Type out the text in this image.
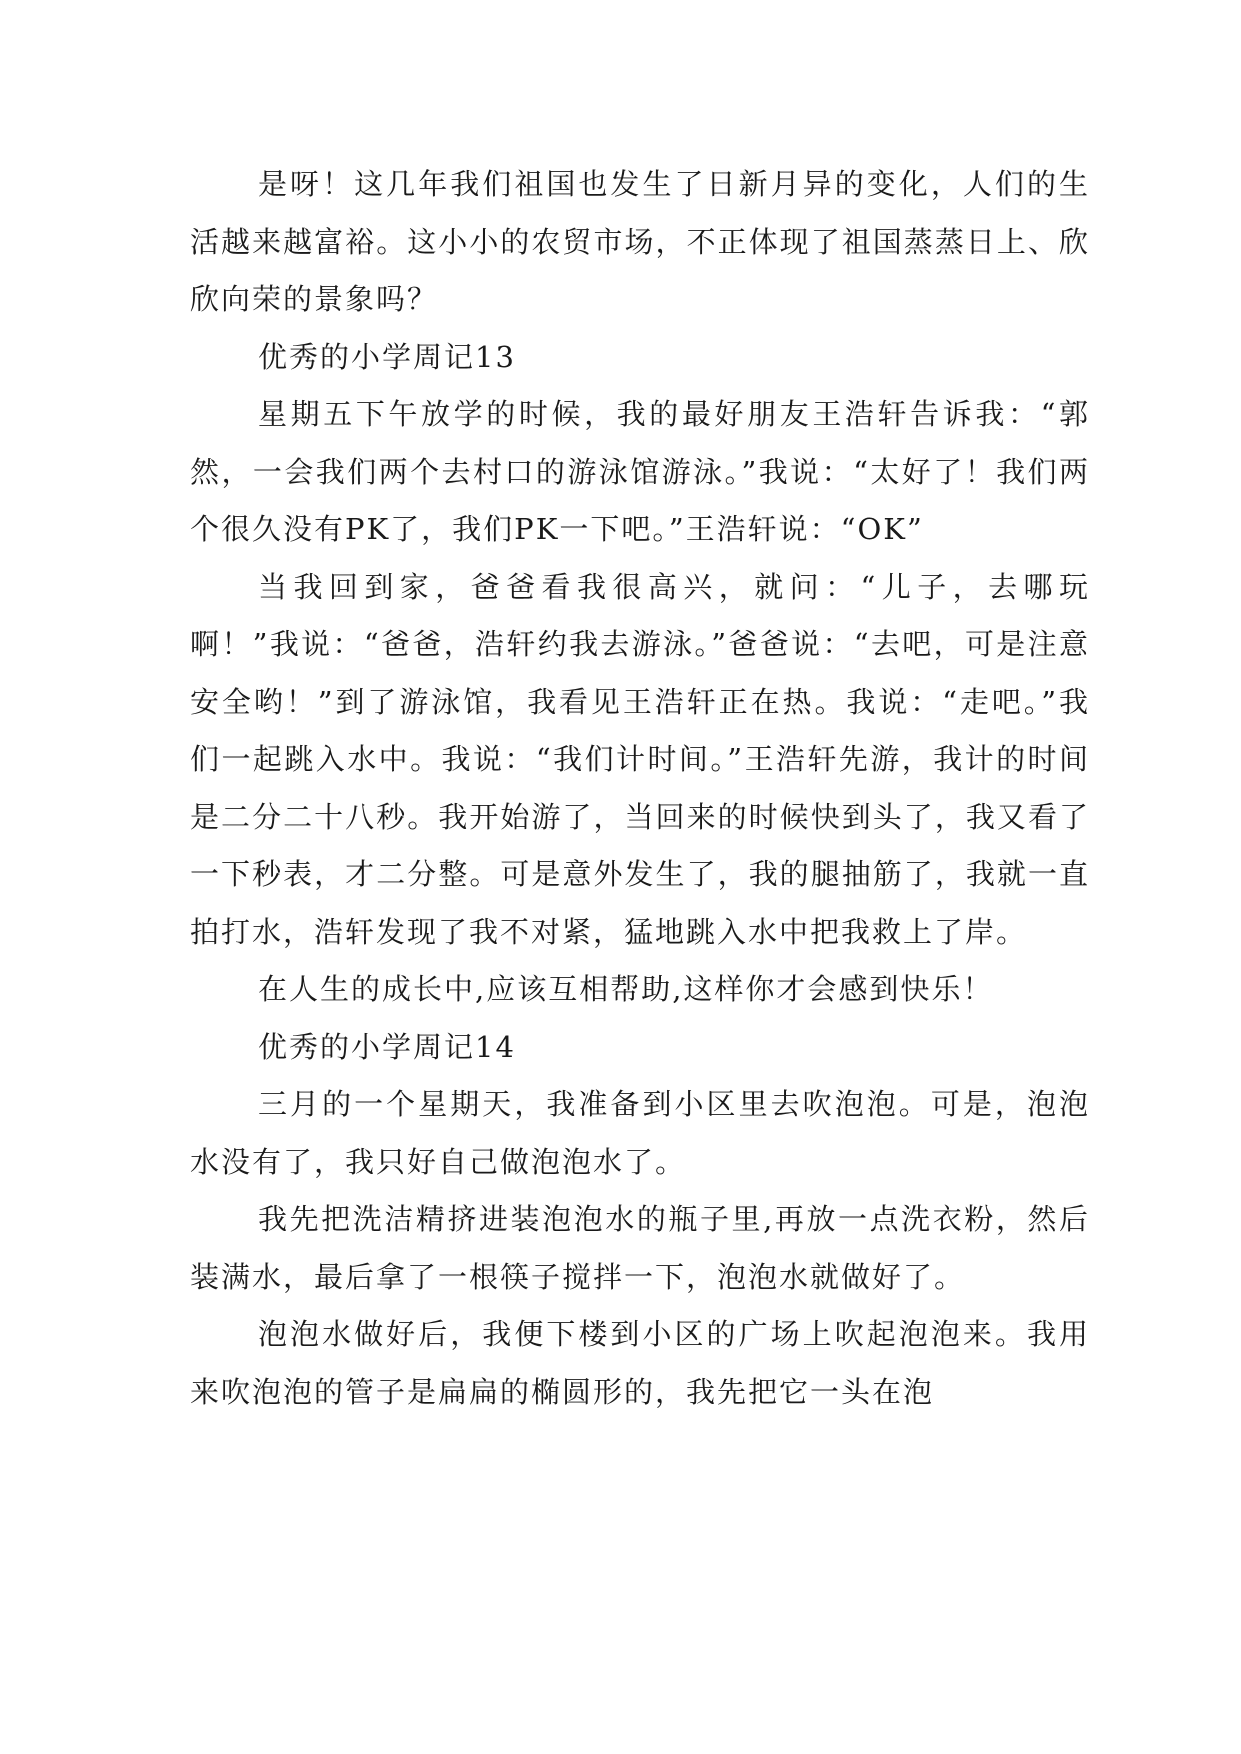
是呀！这几年我们祖国也发生了日新月异的变化，人们的生活越来越富裕。这小小的农贸市场，不正体现了祖国蒸蒸日上、欣欣向荣的景象吗？

优秀的小学周记13

星期五下午放学的时候，我的最好朋友王浩轩告诉我：“郭然，一会我们两个去村口的游泳馆游泳。”我说：“太好了！我们两个很久没有PK了，我们PK一下吧。”王浩轩说：“OK”

当我回到家，爸爸看我很高兴，就问：“儿子，去哪玩啊！”我说：“爸爸，浩轩约我去游泳。”爸爸说：“去吧，可是注意安全哟！”到了游泳馆，我看见王浩轩正在热。我说：“走吧。”我们一起跳入水中。我说：“我们计时间。”王浩轩先游，我计的时间是二分二十八秒。我开始游了，当回来的时候快到头了，我又看了一下秒表，才二分整。可是意外发生了，我的腿抽筋了，我就一直拍打水，浩轩发现了我不对紧，猛地跳入水中把我救上了岸。

在人生的成长中,应该互相帮助,这样你才会感到快乐！

优秀的小学周记14

三月的一个星期天，我准备到小区里去吹泡泡。可是，泡泡水没有了，我只好自己做泡泡水了。

我先把洗洁精挤进装泡泡水的瓶子里,再放一点洗衣粉，然后装满水，最后拿了一根筷子搅拌一下，泡泡水就做好了。

泡泡水做好后，我便下楼到小区的广场上吹起泡泡来。我用来吹泡泡的管子是扁扁的椭圆形的，我先把它一头在泡
